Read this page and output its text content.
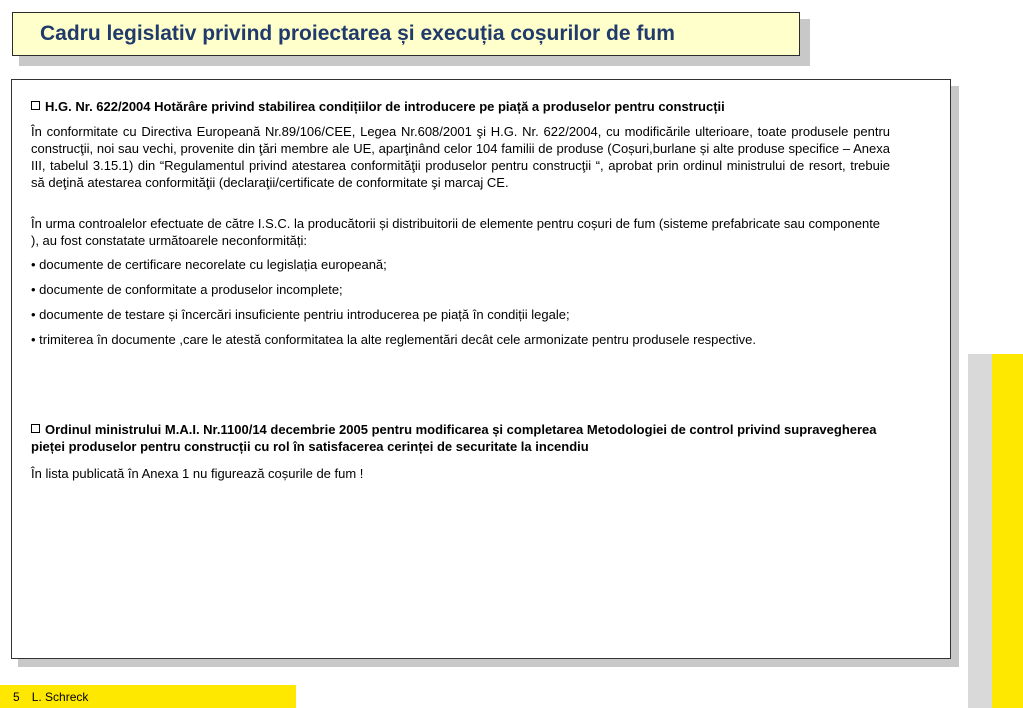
Cadru legislativ privind proiectarea și execuția coșurilor de fum

H.G. Nr. 622/2004 Hotărâre privind stabilirea condițiilor de introducere pe piață a produselor pentru construcții

În conformitate cu Directiva Europeană Nr.89/106/CEE, Legea Nr.608/2001 şi H.G. Nr. 622/2004, cu modificările ulterioare, toate produsele pentru construcţii, noi sau vechi, provenite din ţări membre ale UE, aparţinând celor 104 familii de produse (Coșuri,burlane și alte produse specifice – Anexa III, tabelul 3.15.1) din “Regulamentul privind atestarea conformităţii produselor pentru construcţii “, aprobat prin ordinul ministrului de resort, trebuie să deţină atestarea conformităţii (declaraţii/certificate de conformitate şi marcaj CE.

În urma controalelor efectuate de către I.S.C. la producătorii și distribuitorii de elemente pentru coșuri de fum (sisteme prefabricate sau componente ), au fost constatate următoarele neconformități:

• documente de certificare necorelate cu legislația europeană;

• documente de conformitate a produselor incomplete;

• documente de testare și încercări insuficiente pentriu introducerea pe piață în condiții legale;

• trimiterea în documente ,care le atestă conformitatea la alte reglementări decât cele armonizate pentru produsele respective.

Ordinul ministrului M.A.I. Nr.1100/14 decembrie 2005 pentru modificarea și completarea Metodologiei de control privind supravegherea pieței produselor pentru construcții cu rol în satisfacerea cerinței de securitate la incendiu

În lista publicată în Anexa 1 nu figurează coșurile de fum !

5 L. Schreck
